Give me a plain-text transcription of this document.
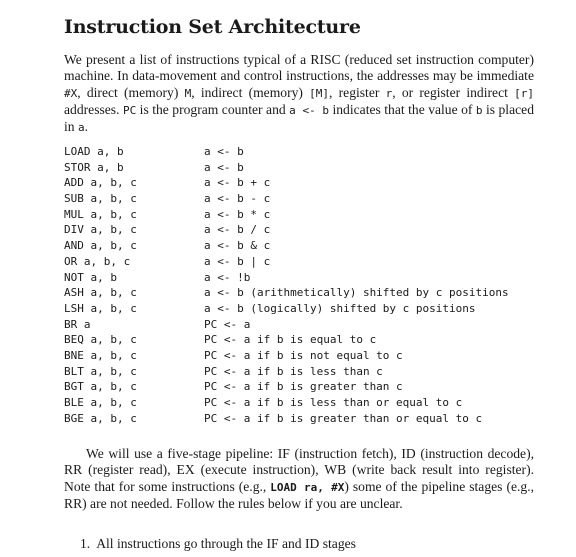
Instruction Set Architecture
We present a list of instructions typical of a RISC (reduced set instruction computer) machine. In data-movement and control instructions, the addresses may be immediate #X, direct (memory) M, indirect (memory) [M], register r, or register indirect [r] addresses. PC is the program counter and a <- b indicates that the value of b is placed in a.
LOAD a, b	a <- b
STOR a, b	a <- b
ADD a, b, c	a <- b + c
SUB a, b, c	a <- b - c
MUL a, b, c	a <- b * c
DIV a, b, c	a <- b / c
AND a, b, c	a <- b & c
OR a, b, c	a <- b | c
NOT a, b	a <- !b
ASH a, b, c	a <- b (arithmetically) shifted by c positions
LSH a, b, c	a <- b (logically) shifted by c positions
BR a	PC <- a
BEQ a, b, c	PC <- a if b is equal to c
BNE a, b, c	PC <- a if b is not equal to c
BLT a, b, c	PC <- a if b is less than c
BGT a, b, c	PC <- a if b is greater than c
BLE a, b, c	PC <- a if b is less than or equal to c
BGE a, b, c	PC <- a if b is greater than or equal to c
We will use a five-stage pipeline: IF (instruction fetch), ID (instruction decode), RR (register read), EX (execute instruction), WB (write back result into register). Note that for some instructions (e.g., LOAD ra, #X) some of the pipeline stages (e.g., RR) are not needed. Follow the rules below if you are unclear.
1. All instructions go through the IF and ID stages
